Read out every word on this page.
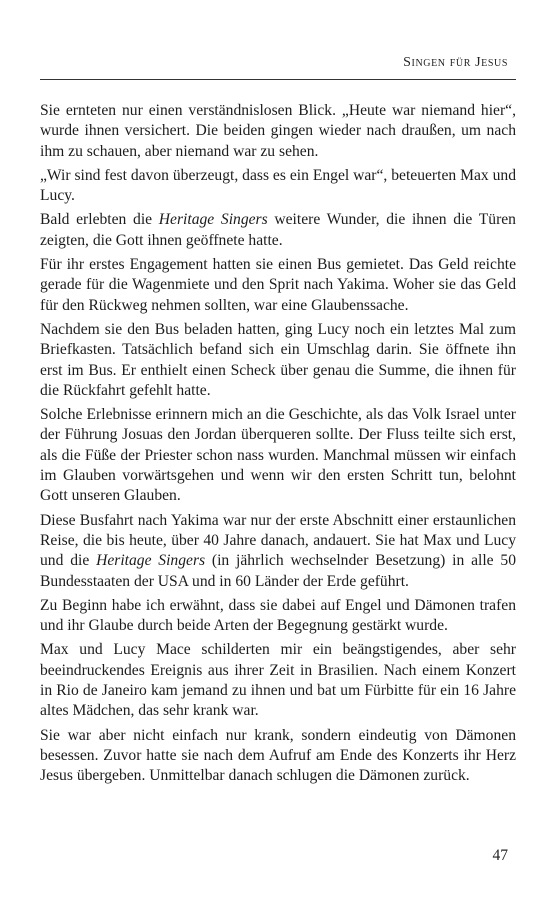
Singen für Jesus

Sie ernteten nur einen verständnislosen Blick. „Heute war niemand hier“, wurde ihnen versichert. Die beiden gingen wieder nach draußen, um nach ihm zu schauen, aber niemand war zu sehen.

„Wir sind fest davon überzeugt, dass es ein Engel war“, beteuerten Max und Lucy.

Bald erlebten die Heritage Singers weitere Wunder, die ihnen die Türen zeigten, die Gott ihnen geöffnete hatte.

Für ihr erstes Engagement hatten sie einen Bus gemietet. Das Geld reichte gerade für die Wagenmiete und den Sprit nach Yakima. Woher sie das Geld für den Rückweg nehmen sollten, war eine Glaubenssache.

Nachdem sie den Bus beladen hatten, ging Lucy noch ein letztes Mal zum Briefkasten. Tatsächlich befand sich ein Umschlag darin. Sie öffnete ihn erst im Bus. Er enthielt einen Scheck über genau die Summe, die ihnen für die Rückfahrt gefehlt hatte.

Solche Erlebnisse erinnern mich an die Geschichte, als das Volk Israel unter der Führung Josuas den Jordan überqueren sollte. Der Fluss teilte sich erst, als die Füße der Priester schon nass wurden. Manchmal müssen wir einfach im Glauben vorwärtsgehen und wenn wir den ersten Schritt tun, belohnt Gott unseren Glauben.

Diese Busfahrt nach Yakima war nur der erste Abschnitt einer erstaunlichen Reise, die bis heute, über 40 Jahre danach, andauert. Sie hat Max und Lucy und die Heritage Singers (in jährlich wechselnder Besetzung) in alle 50 Bundesstaaten der USA und in 60 Länder der Erde geführt.

Zu Beginn habe ich erwähnt, dass sie dabei auf Engel und Dämonen trafen und ihr Glaube durch beide Arten der Begegnung gestärkt wurde.

Max und Lucy Mace schilderten mir ein beängstigendes, aber sehr beeindruckendes Ereignis aus ihrer Zeit in Brasilien. Nach einem Konzert in Rio de Janeiro kam jemand zu ihnen und bat um Fürbitte für ein 16 Jahre altes Mädchen, das sehr krank war.

Sie war aber nicht einfach nur krank, sondern eindeutig von Dämonen besessen. Zuvor hatte sie nach dem Aufruf am Ende des Konzerts ihr Herz Jesus übergeben. Unmittelbar danach schlugen die Dämonen zurück.

47
